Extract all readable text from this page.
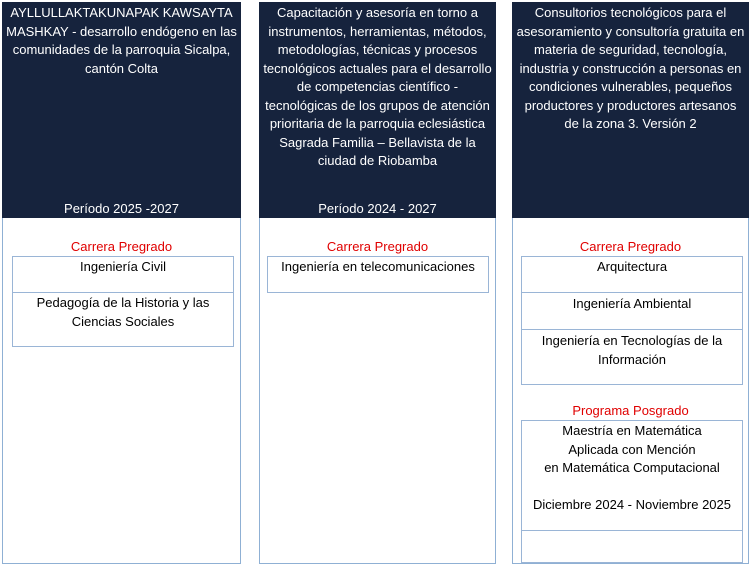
AYLLULLAKTAKUNAPAK KAWSAYTA MASHKAY - desarrollo endógeno en las comunidades de la parroquia Sicalpa, cantón Colta
Período 2025 -2027
Carrera Pregrado
Ingeniería Civil
Pedagogía de la Historia y las Ciencias Sociales
Capacitación y asesoría en torno a instrumentos, herramientas, métodos, metodologías, técnicas y procesos tecnológicos actuales para el desarrollo de competencias científico - tecnológicas de los grupos de atención prioritaria de la parroquia eclesiástica Sagrada Familia – Bellavista de la ciudad de Riobamba
Período 2024 - 2027
Carrera Pregrado
Ingeniería en telecomunicaciones
Consultorios tecnológicos para el asesoramiento y consultoría gratuita en materia de seguridad, tecnología, industria y construcción a personas en condiciones vulnerables, pequeños productores y productores artesanos de la zona 3. Versión 2
Carrera Pregrado
Arquitectura
Ingeniería Ambiental
Ingeniería en Tecnologías de la Información
Programa Posgrado
Maestría en Matemática
Aplicada con Mención
en Matemática Computacional
Diciembre 2024 - Noviembre 2025
